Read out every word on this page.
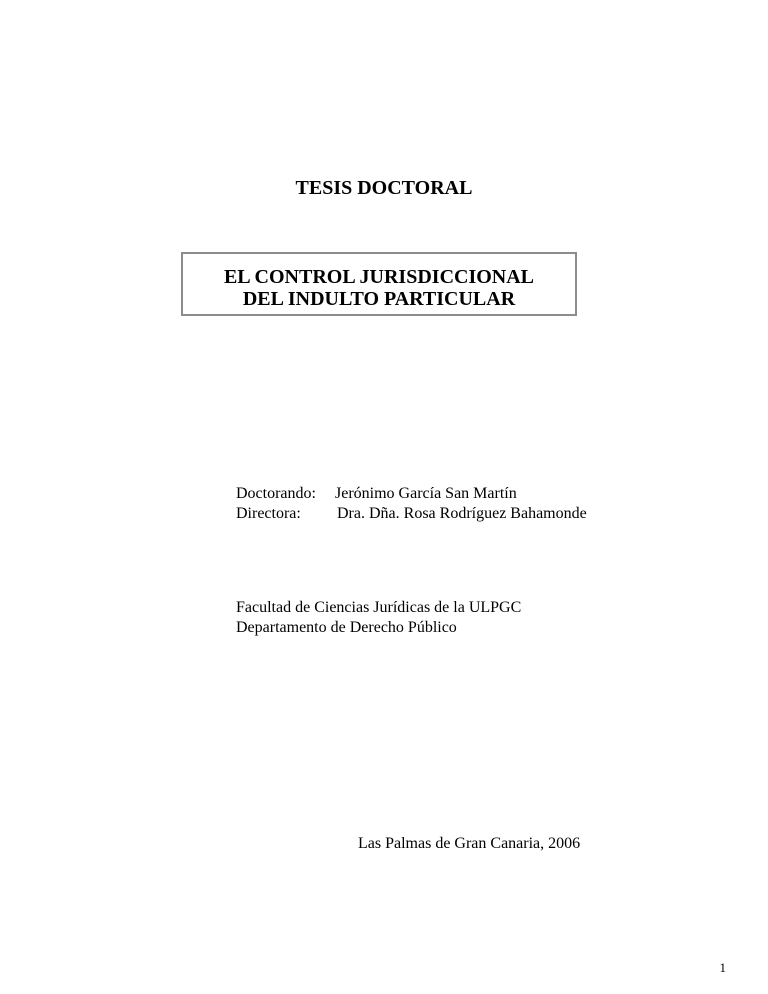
TESIS DOCTORAL
EL CONTROL JURISDICCIONAL
DEL INDULTO PARTICULAR
Doctorando: Jerónimo García San Martín
Directora: Dra. Dña. Rosa Rodríguez Bahamonde
Facultad de Ciencias Jurídicas de la ULPGC
Departamento de Derecho Público
Las Palmas de Gran Canaria, 2006
1
